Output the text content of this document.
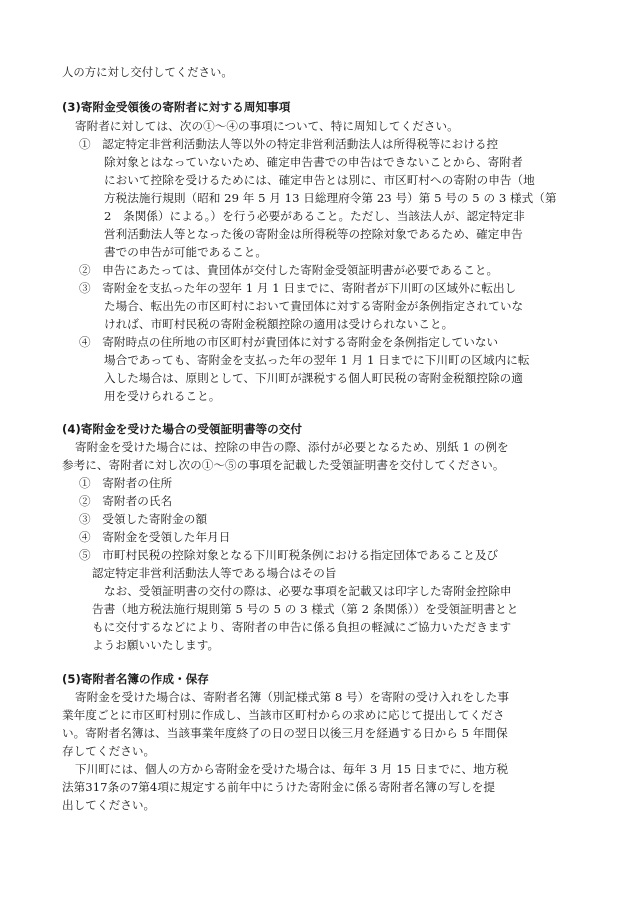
人の方に対し交付してください。
(3)寄附金受領後の寄附者に対する周知事項
寄附者に対しては、次の①～④の事項について、特に周知してください。
①　認定特定非営利活動法人等以外の特定非営利活動法人は所得税等における控
除対象とはなっていないため、確定申告書での申告はできないことから、寄附者
において控除を受けるためには、確定申告とは別に、市区町村への寄附の申告（地
方税法施行規則（昭和 29 年 5 月 13 日総理府令第 23 号）第 5 号の 5 の 3 様式（第
2　条関係）による。）を行う必要があること。ただし、当該法人が、認定特定非
営利活動法人等となった後の寄附金は所得税等の控除対象であるため、確定申告
書での申告が可能であること。
②　申告にあたっては、貴団体が交付した寄附金受領証明書が必要であること。
③　寄附金を支払った年の翌年 1 月 1 日までに、寄附者が下川町の区域外に転出し
た場合、転出先の市区町村において貴団体に対する寄附金が条例指定されていな
ければ、市町村民税の寄附金税額控除の適用は受けられないこと。
④　寄附時点の住所地の市区町村が貴団体に対する寄附金を条例指定していない
場合であっても、寄附金を支払った年の翌年 1 月 1 日までに下川町の区域内に転
入した場合は、原則として、下川町が課税する個人町民税の寄附金税額控除の適
用を受けられること。
(4)寄附金を受けた場合の受領証明書等の交付
寄附金を受けた場合には、控除の申告の際、添付が必要となるため、別紙 1 の例を
参考に、寄附者に対し次の①～⑤の事項を記載した受領証明書を交付してください。
①　寄附者の住所
②　寄附者の氏名
③　受領した寄附金の額
④　寄附金を受領した年月日
⑤　市町村民税の控除対象となる下川町税条例における指定団体であること及び
認定特定非営利活動法人等である場合はその旨
なお、受領証明書の交付の際は、必要な事項を記載又は印字した寄附金控除申
告書（地方税法施行規則第 5 号の 5 の 3 様式（第 2 条関係））を受領証明書とと
もに交付するなどにより、寄附者の申告に係る負担の軽減にご協力いただきます
ようお願いいたします。
(5)寄附者名簿の作成・保存
寄附金を受けた場合は、寄附者名簿（別記様式第 8 号）を寄附の受け入れをした事
業年度ごとに市区町村別に作成し、当該市区町村からの求めに応じて提出してくださ
い。寄附者名簿は、当該事業年度終了の日の翌日以後三月を経過する日から 5 年間保
存してください。
下川町には、個人の方から寄附金を受けた場合は、毎年 3 月 15 日までに、地方税
法第317条の7第4項に規定する前年中にうけた寄附金に係る寄附者名簿の写しを提
出してください。
